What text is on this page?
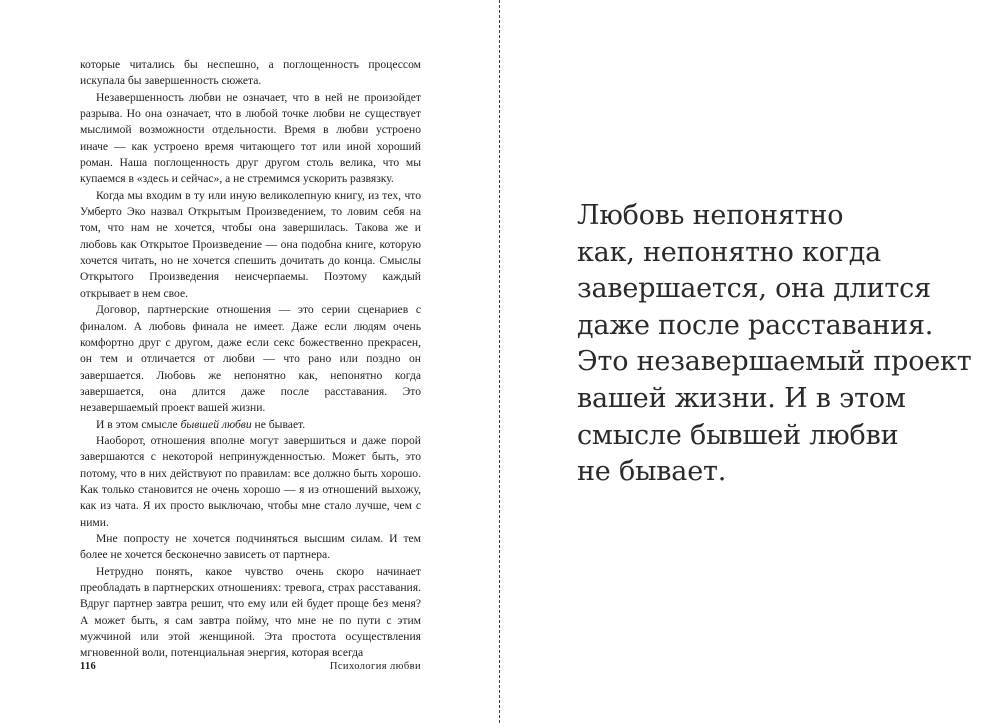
которые читались бы неспешно, а поглощенность процессом искупала бы завершенность сюжета.

Незавершенность любви не означает, что в ней не произойдет разрыва. Но она означает, что в любой точке любви не существует мыслимой возможности отдельности. Время в любви устроено иначе — как устроено время читающего тот или иной хороший роман. Наша поглощенность друг другом столь велика, что мы купаемся в «здесь и сейчас», а не стремимся ускорить развязку.

Когда мы входим в ту или иную великолепную книгу, из тех, что Умберто Эко назвал Открытым Произведением, то ловим себя на том, что нам не хочется, чтобы она завершилась. Такова же и любовь как Открытое Произведение — она подобна книге, которую хочется читать, но не хочется спешить дочитать до конца. Смыслы Открытого Произведения неисчерпаемы. Поэтому каждый открывает в нем свое.

Договор, партнерские отношения — это серии сценариев с финалом. А любовь финала не имеет. Даже если людям очень комфортно друг с другом, даже если секс божественно прекрасен, он тем и отличается от любви — что рано или поздно он завершается. Любовь же непонятно как, непонятно когда завершается, она длится даже после расставания. Это незавершаемый проект вашей жизни.

И в этом смысле бывшей любви не бывает.

Наоборот, отношения вполне могут завершиться и даже порой завершаются с некоторой непринужденностью. Может быть, это потому, что в них действуют по правилам: все должно быть хорошо. Как только становится не очень хорошо — я из отношений выхожу, как из чата. Я их просто выключаю, чтобы мне стало лучше, чем с ними.

Мне попросту не хочется подчиняться высшим силам. И тем более не хочется бесконечно зависеть от партнера.

Нетрудно понять, какое чувство очень скоро начинает преобладать в партнерских отношениях: тревога, страх расставания. Вдруг партнер завтра решит, что ему или ей будет проще без меня? А может быть, я сам завтра пойму, что мне не по пути с этим мужчиной или этой женщиной. Эта простота осуществления мгновенной воли, потенциальная энергия, которая всегда

116	Психология любви
Любовь непонятно
как, непонятно когда
завершается, она длится
даже после расставания.
Это незавершаемый проект
вашей жизни. И в этом
смысле бывшей любви
не бывает.
